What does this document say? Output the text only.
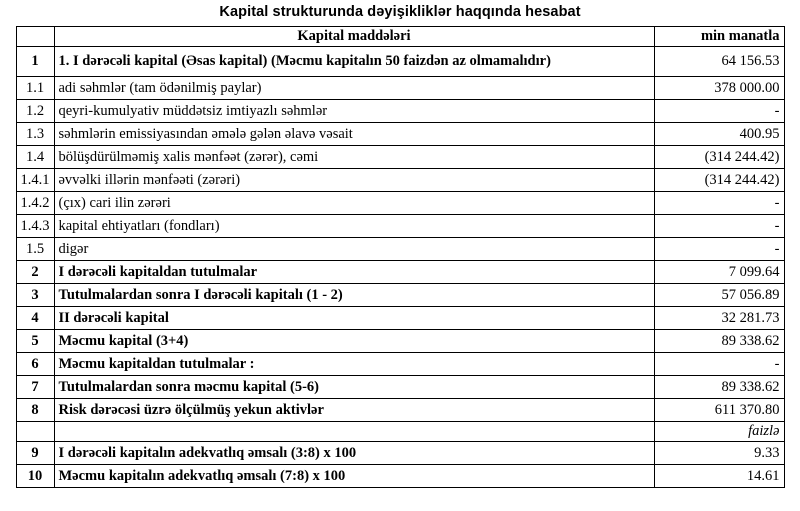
Kapital strukturunda dəyişikliklər haqqında hesabat
	Kapital maddələri	min manatla
1	1. I dərəcəli kapital (Əsas kapital) (Məcmu kapitalın 50 faizdən az olmamalıdır)	64 156.53
1.1	adi səhmlər (tam ödənilmiş paylar)	378 000.00
1.2	qeyri-kumulyativ müddətsiz imtiyazlı səhmlər	-
1.3	səhmlərin emissiyasından əmələ gələn əlavə vəsait	400.95
1.4	bölüşdürülməmiş xalis mənfəət (zərər), cəmi	(314 244.42)
1.4.1	əvvəlki illərin mənfəəti (zərəri)	(314 244.42)
1.4.2	(çıx) cari ilin zərəri	-
1.4.3	kapital ehtiyatları (fondları)	-
1.5	digər	-
2	I dərəcəli kapitaldan tutulmalar	7 099.64
3	Tutulmalardan sonra I dərəcəli kapitalı (1 - 2)	57 056.89
4	II dərəcəli kapital	32 281.73
5	Məcmu kapital (3+4)	89 338.62
6	Məcmu kapitaldan tutulmalar :	-
7	Tutulmalardan sonra məcmu kapital (5-6)	89 338.62
8	Risk dərəcəsi üzrə ölçülmüş yekun aktivlər	611 370.80
		faizlə
9	I dərəcəli kapitalın adekvatlıq əmsalı (3:8) x 100	9.33
10	Məcmu kapitalın adekvatlıq əmsalı (7:8) x 100	14.61
